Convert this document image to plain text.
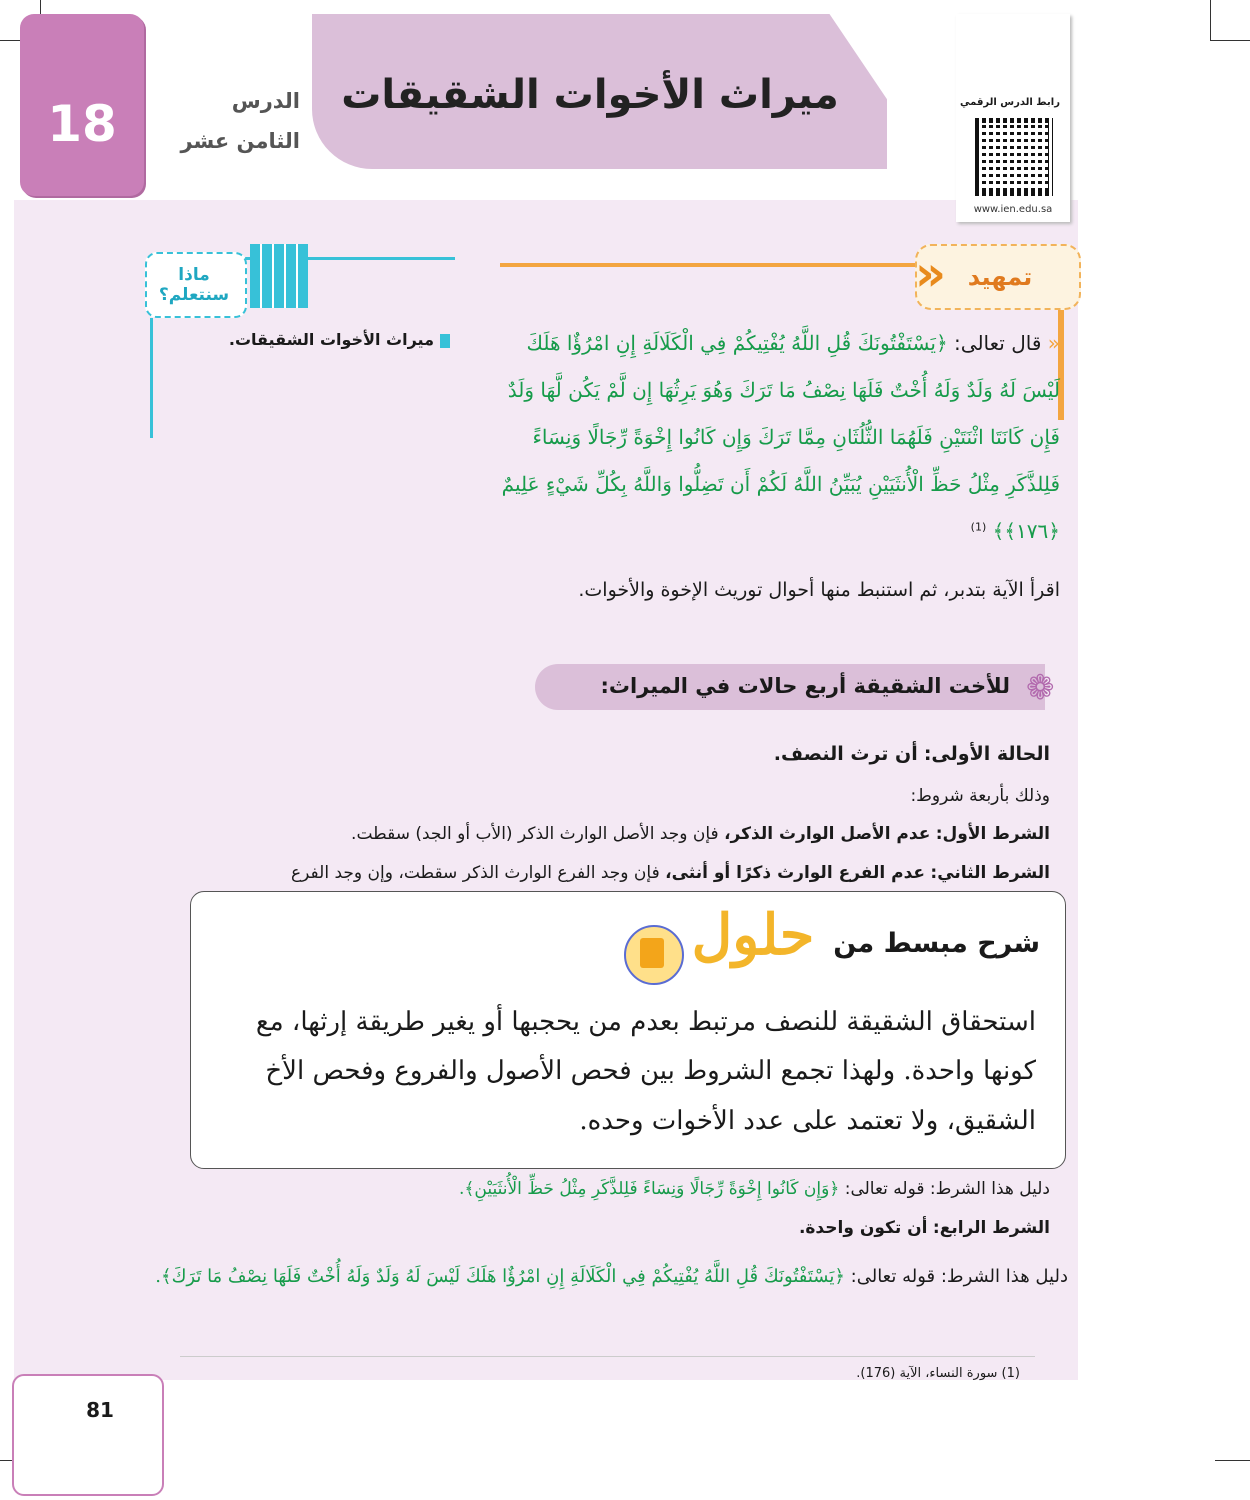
18	الدرس
الثامن عشر
ميراث الأخوات الشقيقات	رابط الدرس الرقمي
www.ien.edu.sa
« تمهيد
ماذا
سنتعلم؟
ميراث الأخوات الشقيقات.	« قال تعالى: ﴿يَسْتَفْتُونَكَ قُلِ اللَّهُ يُفْتِيكُمْ فِي الْكَلَالَةِ إِنِ امْرُؤٌا هَلَكَ لَيْسَ لَهُ وَلَدٌ وَلَهُ أُخْتٌ فَلَهَا نِصْفُ مَا تَرَكَ وَهُوَ يَرِثُهَا إِن لَّمْ يَكُن لَّهَا وَلَدٌ فَإِن كَانَتَا اثْنَتَيْنِ فَلَهُمَا الثُّلُثَانِ مِمَّا تَرَكَ وَإِن كَانُوا إِخْوَةً رِّجَالًا وَنِسَاءً فَلِلذَّكَرِ مِثْلُ حَظِّ الْأُنثَيَيْنِ يُبَيِّنُ اللَّهُ لَكُمْ أَن تَضِلُّوا وَاللَّهُ بِكُلِّ شَيْءٍ عَلِيمٌ ﴿١٧٦﴾﴾ $^{(1)}$
اقرأ الآية بتدبر، ثم استنبط منها أحوال توريث الإخوة والأخوات.
❁
للأخت الشقيقة أربع حالات في الميراث:
الحالة الأولى: أن ترث النصف.
وذلك بأربعة شروط:
الشرط الأول: عدم الأصل الوارث الذكر، فإن وجد الأصل الوارث الذكر (الأب أو الجد) سقطت.
الشرط الثاني: عدم الفرع الوارث ذكرًا أو أنثى، فإن وجد الفرع الوارث الذكر سقطت، وإن وجد الفرع
شرح مبسط من
حلول
استحقاق الشقيقة للنصف مرتبط بعدم من يحجبها أو يغير طريقة إرثها، مع كونها واحدة. ولهذا تجمع الشروط بين فحص الأصول والفروع وفحص الأخ الشقيق، ولا تعتمد على عدد الأخوات وحده.
دليل هذا الشرط: قوله تعالى: ﴿وَإِن كَانُوا إِخْوَةً رِّجَالًا وَنِسَاءً فَلِلذَّكَرِ مِثْلُ حَظِّ الْأُنثَيَيْنِ﴾.
الشرط الرابع: أن تكون واحدة.
دليل هذا الشرط: قوله تعالى: ﴿يَسْتَفْتُونَكَ قُلِ اللَّهُ يُفْتِيكُمْ فِي الْكَلَالَةِ إِنِ امْرُؤٌا هَلَكَ لَيْسَ لَهُ وَلَدٌ وَلَهُ أُخْتٌ فَلَهَا نِصْفُ مَا تَرَكَ﴾.
(1) سورة النساء، الآية (176).
81
